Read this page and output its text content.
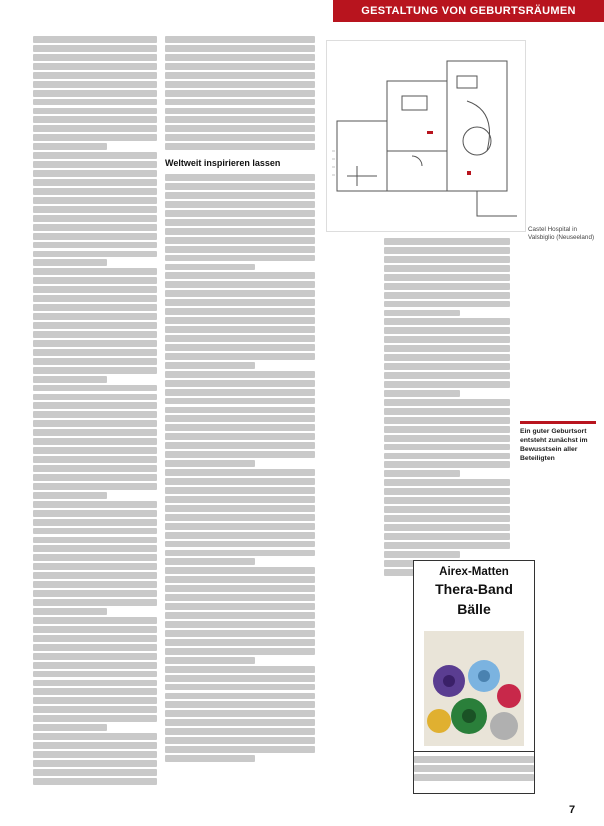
GESTALTUNG VON GEBURTSRÄUMEN
Weltweit inspirieren lassen
Castel Hospital in Valsbiglio (Neuseeland)
Ein guter Geburtsort entsteht zunächst im Bewusstsein aller Beteiligten
Airex-Matten
Thera-Band
Bälle
7
